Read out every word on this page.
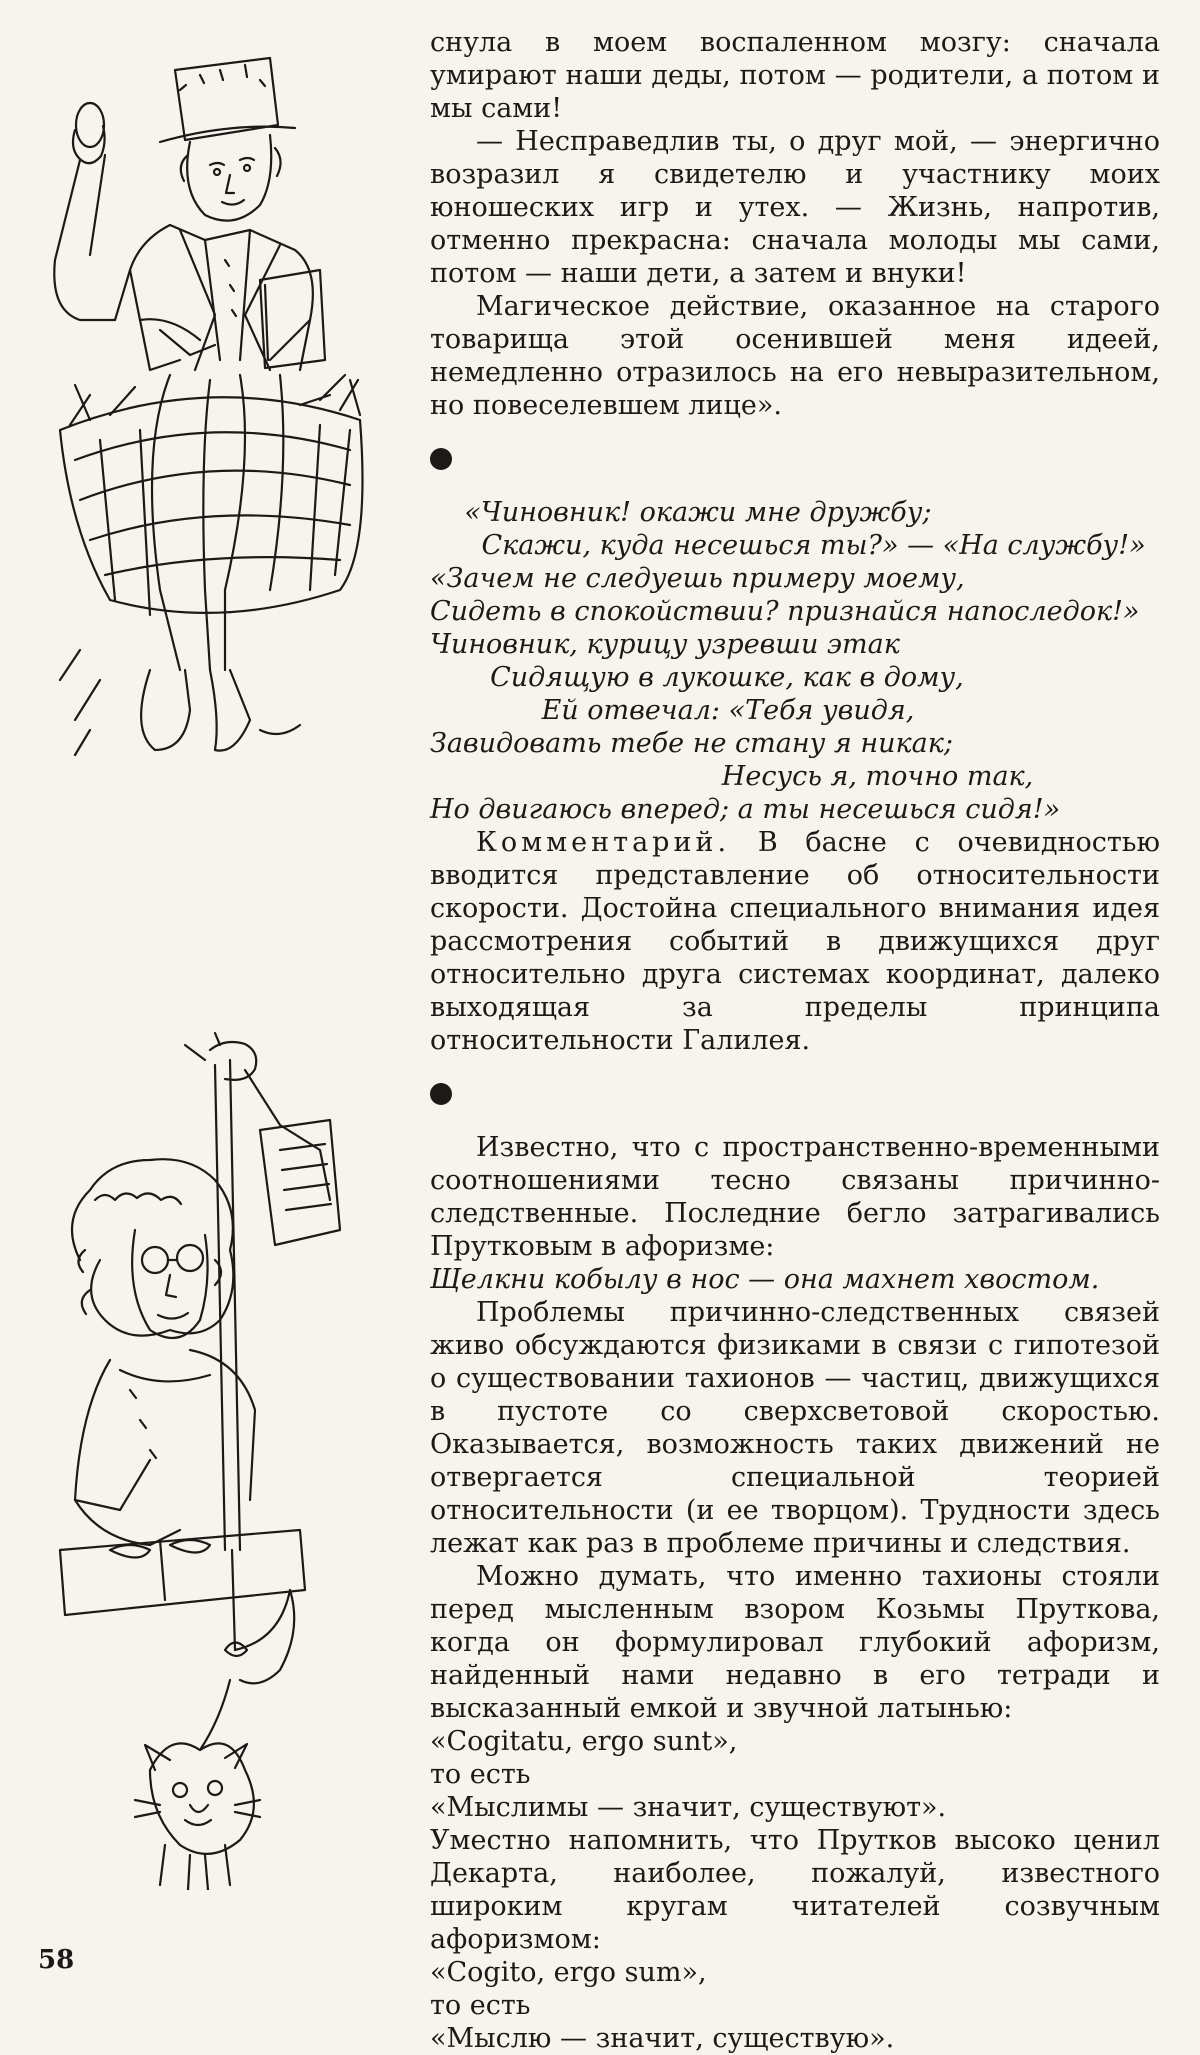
снула в моем воспаленном мозгу: сначала умирают наши деды, потом — родители, а потом и мы сами!

— Несправедлив ты, о друг мой, — энергично возразил я свидетелю и участнику моих юношеских игр и утех. — Жизнь, напротив, отменно прекрасна: сначала молоды мы сами, потом — наши дети, а затем и внуки!

Магическое действие, оказанное на старого товарища этой осенившей меня идеей, немедленно отразилось на его невыразительном, но повеселевшем лице».

«Чиновник! окажи мне дружбу;
Скажи, куда несешься ты?» — «На службу!»
«Зачем не следуешь примеру моему,
Сидеть в спокойствии? признайся напоследок!»
Чиновник, курицу узревши этак
Сидящую в лукошке, как в дому,
Ей отвечал: «Тебя увидя,
Завидовать тебе не стану я никак;
Несусь я, точно так,
Но двигаюсь вперед; а ты несешься сидя!»

Комментарий. В басне с очевидностью вводится представление об относительности скорости. Достойна специального внимания идея рассмотрения событий в движущихся друг относительно друга системах координат, далеко выходящая за пределы принципа относительности Галилея.

Известно, что с пространственно-временными соотношениями тесно связаны причинно-следственные. Последние бегло затрагивались Прутковым в афоризме:

Щелкни кобылу в нос — она махнет хвостом.

Проблемы причинно-следственных связей живо обсуждаются физиками в связи с гипотезой о существовании тахионов — частиц, движущихся в пустоте со сверхсветовой скоростью. Оказывается, возможность таких движений не отвергается специальной теорией относительности (и ее творцом). Трудности здесь лежат как раз в проблеме причины и следствия.

Можно думать, что именно тахионы стояли перед мысленным взором Козьмы Пруткова, когда он формулировал глубокий афоризм, найденный нами недавно в его тетради и высказанный емкой и звучной латынью:

«Cogitatu, ergo sunt»,

то есть

«Мыслимы — значит, существуют».

Уместно напомнить, что Прутков высоко ценил Декарта, наиболее, пожалуй, известного широким кругам читателей созвучным афоризмом:

«Cogito, ergo sum»,

то есть

«Мыслю — значит, существую».

58
